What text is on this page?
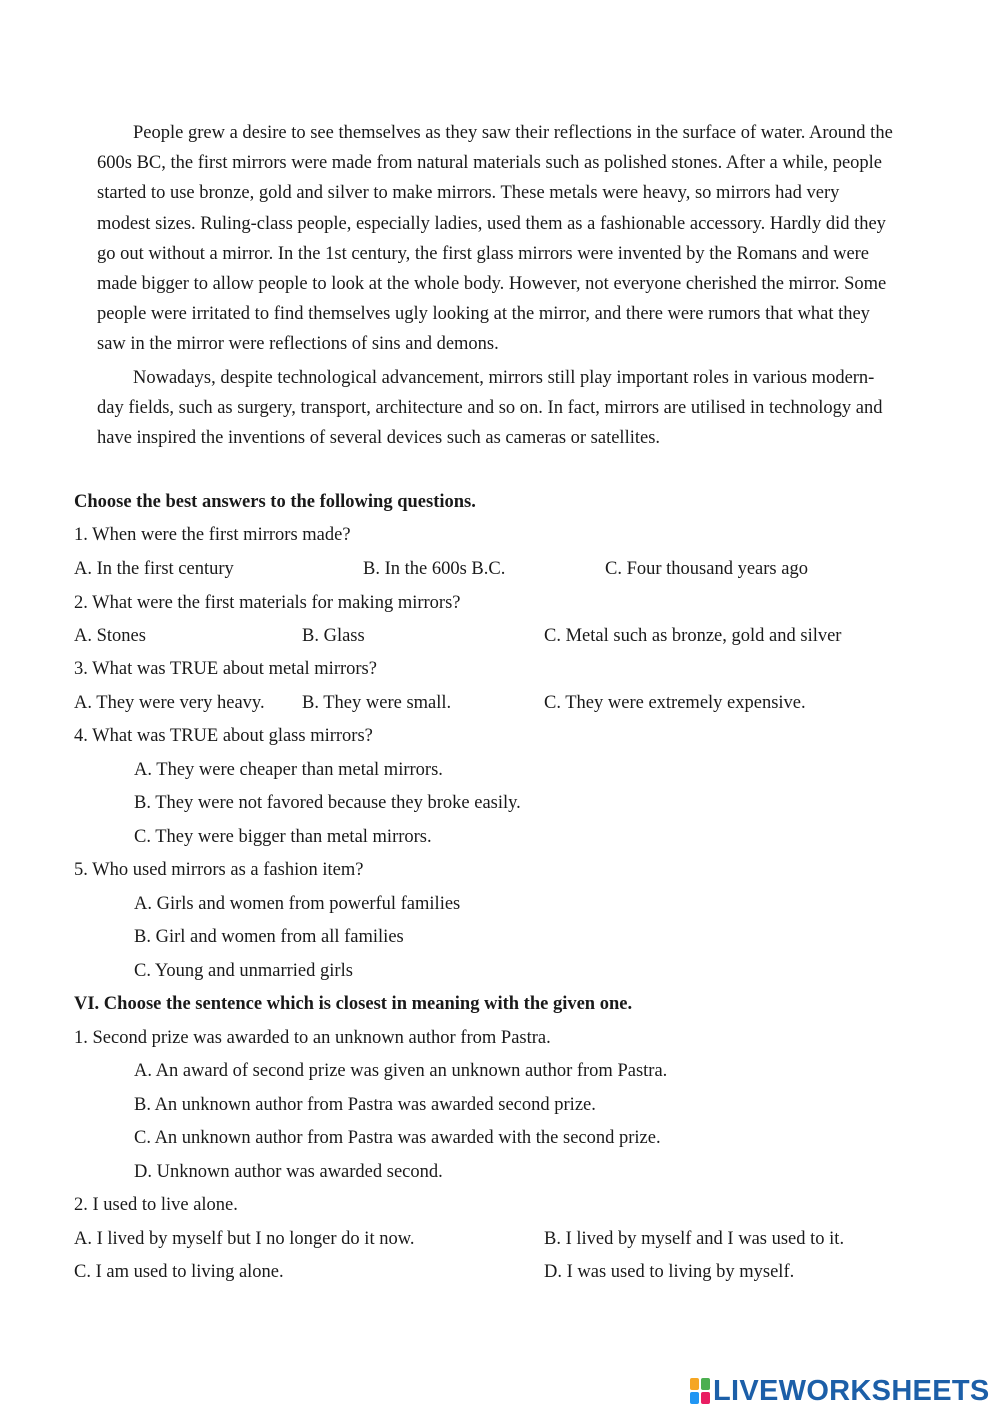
People grew a desire to see themselves as they saw their reflections in the surface of water. Around the 600s BC, the first mirrors were made from natural materials such as polished stones. After a while, people started to use bronze, gold and silver to make mirrors. These metals were heavy, so mirrors had very modest sizes. Ruling-class people, especially ladies, used them as a fashionable accessory. Hardly did they go out without a mirror. In the 1st century, the first glass mirrors were invented by the Romans and were made bigger to allow people to look at the whole body. However, not everyone cherished the mirror. Some people were irritated to find themselves ugly looking at the mirror, and there were rumors that what they saw in the mirror were reflections of sins and demons.

Nowadays, despite technological advancement, mirrors still play important roles in various modern-day fields, such as surgery, transport, architecture and so on. In fact, mirrors are utilised in technology and have inspired the inventions of several devices such as cameras or satellites.

Choose the best answers to the following questions.
1. When were the first mirrors made?
A. In the first century	B. In the 600s B.C.	C. Four thousand years ago
2. What were the first materials for making mirrors?
A. Stones	B. Glass	C. Metal such as bronze, gold and silver
3. What was TRUE about metal mirrors?
A. They were very heavy. B. They were small.	C. They were extremely expensive.
4. What was TRUE about glass mirrors?
A. They were cheaper than metal mirrors.
B. They were not favored because they broke easily.
C. They were bigger than metal mirrors.
5. Who used mirrors as a fashion item?
A. Girls and women from powerful families
B. Girl and women from all families
C. Young and unmarried girls
VI. Choose the sentence which is closest in meaning with the given one.
1. Second prize was awarded to an unknown author from Pastra.
A. An award of second prize was given an unknown author from Pastra.
B. An unknown author from Pastra was awarded second prize.
C. An unknown author from Pastra was awarded with the second prize.
D. Unknown author was awarded second.
2. I used to live alone.
A. I lived by myself but I no longer do it now.	B. I lived by myself and I was used to it.
C. I am used to living alone.	D. I was used to living by myself.
LIVEWORKSHEETS
